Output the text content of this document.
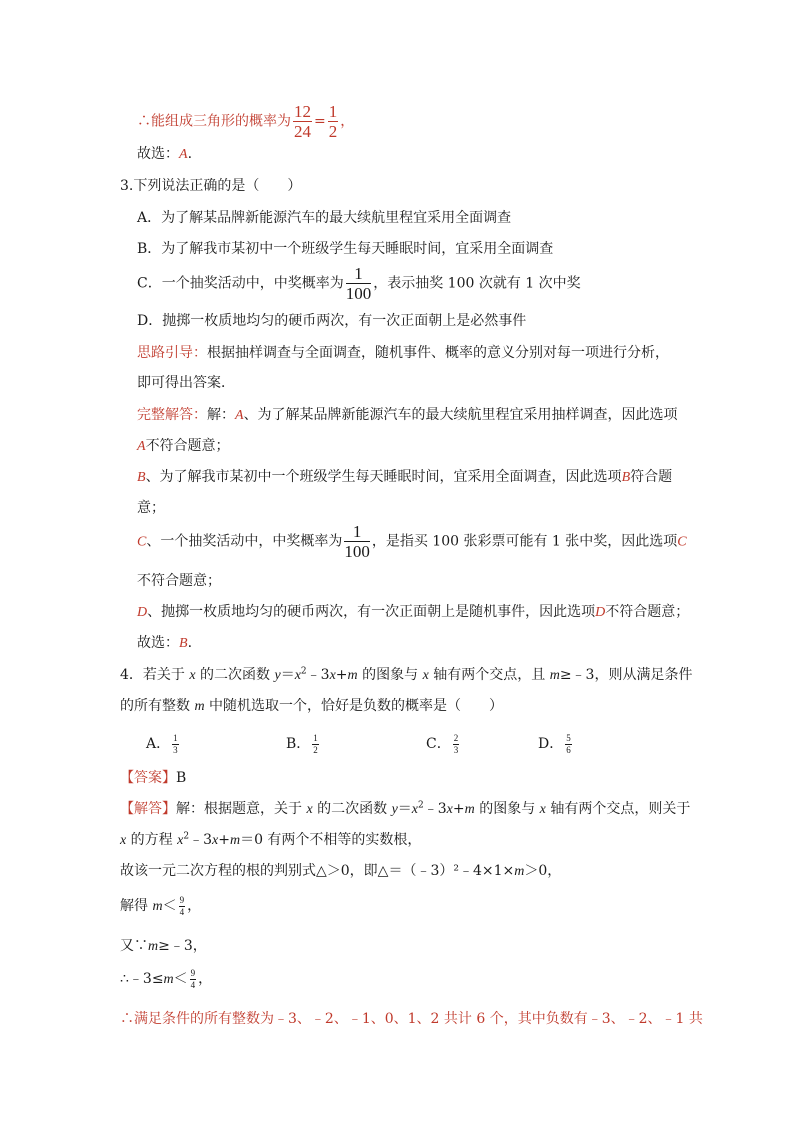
∴能组成三角形的概率为 $\frac{12}{24} = \frac{1}{2}$ ，
故选：A.
3.下列说法正确的是（　　）
A．为了解某品牌新能源汽车的最大续航里程宜采用全面调查
B．为了解我市某初中一个班级学生每天睡眠时间，宜采用全面调查
C．一个抽奖活动中，中奖概率为 $\frac{1}{100}$ ，表示抽奖 100 次就有 1 次中奖
D．抛掷一枚质地均匀的硬币两次，有一次正面朝上是必然事件
思路引导：根据抽样调查与全面调查，随机事件、概率的意义分别对每一项进行分析，
即可得出答案．
完整解答：解：A、为了解某品牌新能源汽车的最大续航里程宜采用抽样调查，因此选项
A不符合题意；
B、为了解我市某初中一个班级学生每天睡眠时间，宜采用全面调查，因此选项B符合题
意；
C、一个抽奖活动中，中奖概率为 $\frac{1}{100}$ ，是指买 100 张彩票可能有 1 张中奖，因此选项C
不符合题意；
D、抛掷一枚质地均匀的硬币两次，有一次正面朝上是随机事件，因此选项D不符合题意；
故选：B.
4．若关于 x 的二次函数 $y=x^2﹣3x+m$ 的图象与 x 轴有两个交点，且 m≥﹣3，则从满足条件
的所有整数 m 中随机选取一个，恰好是负数的概率是（　　）
A． $\frac{1}{3}$	B． $\frac{1}{2}$	C． $\frac{2}{3}$	D． $\frac{5}{6}$
【答案】B
【解答】解：根据题意，关于 x 的二次函数 $y=x^2﹣3x+m$ 的图象与 x 轴有两个交点，则关于
x 的方程 $x^2﹣3x+m=0$ 有两个不相等的实数根，
故该一元二次方程的根的判别式△＞0，即△＝（﹣3）²﹣4×1×m＞0，
解得 $m< \frac{9}{4}$ ，
又∵m≥﹣3，
∴﹣3≤m＜ $\frac{9}{4}$ ，
∴满足条件的所有整数为﹣3、﹣2、﹣1、0、1、2 共计 6 个，其中负数有﹣3、﹣2、﹣1 共
